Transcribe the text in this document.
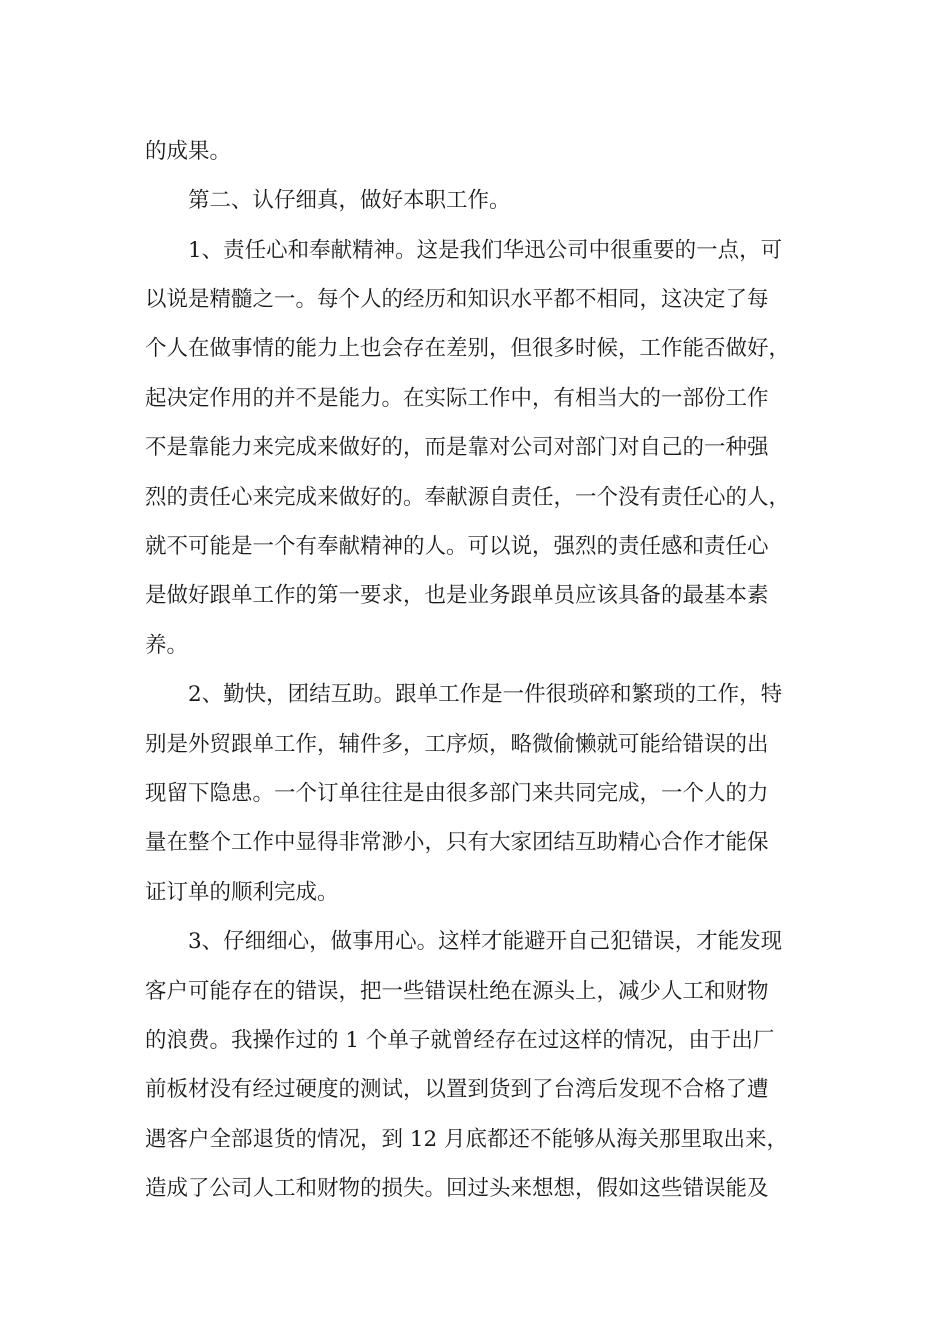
的成果。
第二、认仔细真，做好本职工作。
1、责任心和奉献精神。这是我们华迅公司中很重要的一点，可
以说是精髓之一。每个人的经历和知识水平都不相同，这决定了每
个人在做事情的能力上也会存在差别，但很多时候，工作能否做好，
起决定作用的并不是能力。在实际工作中，有相当大的一部份工作
不是靠能力来完成来做好的，而是靠对公司对部门对自己的一种强
烈的责任心来完成来做好的。奉献源自责任，一个没有责任心的人，
就不可能是一个有奉献精神的人。可以说，强烈的责任感和责任心
是做好跟单工作的第一要求，也是业务跟单员应该具备的最基本素
养。
2、勤快，团结互助。跟单工作是一件很琐碎和繁琐的工作，特
别是外贸跟单工作，辅件多，工序烦，略微偷懒就可能给错误的出
现留下隐患。一个订单往往是由很多部门来共同完成，一个人的力
量在整个工作中显得非常渺小，只有大家团结互助精心合作才能保
证订单的顺利完成。
3、仔细细心，做事用心。这样才能避开自己犯错误，才能发现
客户可能存在的错误，把一些错误杜绝在源头上，减少人工和财物
的浪费。我操作过的 1 个单子就曾经存在过这样的情况，由于出厂
前板材没有经过硬度的测试，以置到货到了台湾后发现不合格了遭
遇客户全部退货的情况，到 12 月底都还不能够从海关那里取出来，
造成了公司人工和财物的损失。回过头来想想，假如这些错误能及
